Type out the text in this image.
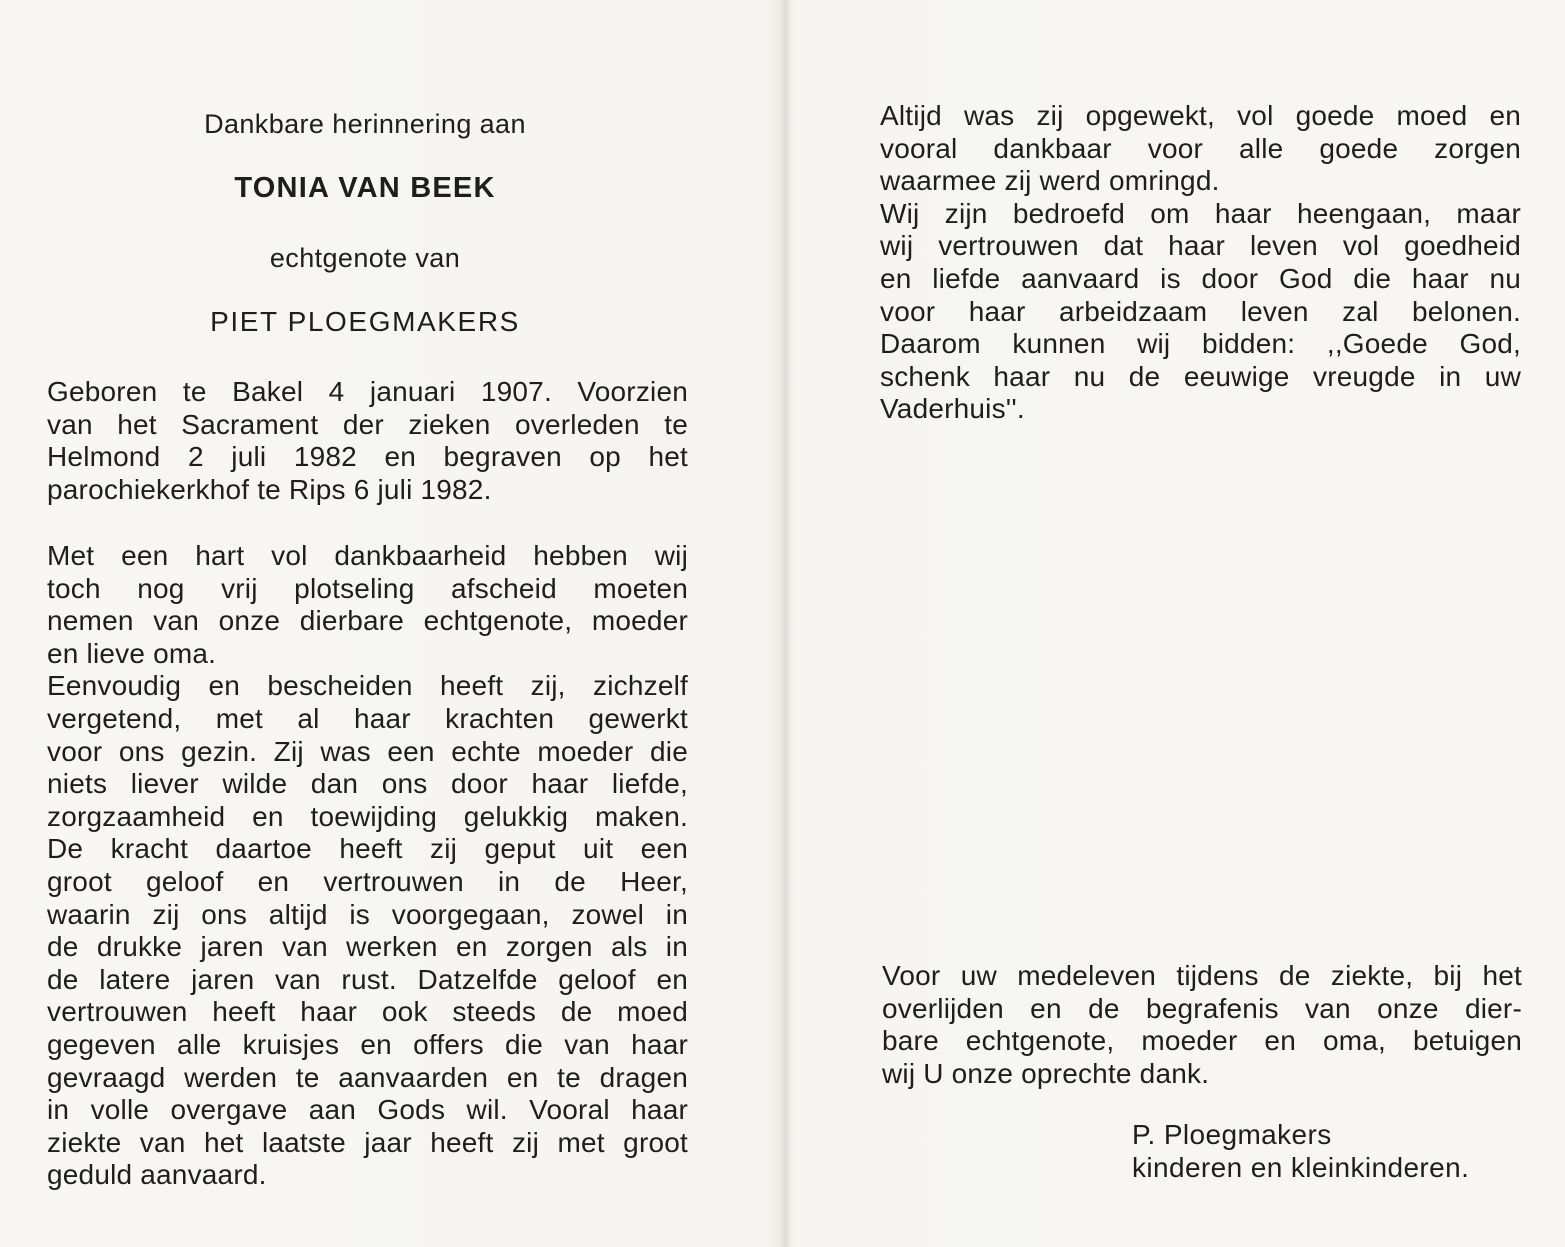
Dankbare herinnering aan
TONIA VAN BEEK
echtgenote van
PIET PLOEGMAKERS
Geboren te Bakel 4 januari 1907. Voorzien
van het Sacrament der zieken overleden te
Helmond 2 juli 1982 en begraven op het
parochiekerkhof te Rips 6 juli 1982.
Met een hart vol dankbaarheid hebben wij
toch nog vrij plotseling afscheid moeten
nemen van onze dierbare echtgenote, moeder
en lieve oma.
Eenvoudig en bescheiden heeft zij, zichzelf
vergetend, met al haar krachten gewerkt
voor ons gezin. Zij was een echte moeder die
niets liever wilde dan ons door haar liefde,
zorgzaamheid en toewijding gelukkig maken.
De kracht daartoe heeft zij geput uit een
groot geloof en vertrouwen in de Heer,
waarin zij ons altijd is voorgegaan, zowel in
de drukke jaren van werken en zorgen als in
de latere jaren van rust. Datzelfde geloof en
vertrouwen heeft haar ook steeds de moed
gegeven alle kruisjes en offers die van haar
gevraagd werden te aanvaarden en te dragen
in volle overgave aan Gods wil. Vooral haar
ziekte van het laatste jaar heeft zij met groot
geduld aanvaard.
Altijd was zij opgewekt, vol goede moed en
vooral dankbaar voor alle goede zorgen
waarmee zij werd omringd.
Wij zijn bedroefd om haar heengaan, maar
wij vertrouwen dat haar leven vol goedheid
en liefde aanvaard is door God die haar nu
voor haar arbeidzaam leven zal belonen.
Daarom kunnen wij bidden: ,,Goede God,
schenk haar nu de eeuwige vreugde in uw
Vaderhuis''.
Voor uw medeleven tijdens de ziekte, bij het
overlijden en de begrafenis van onze dier-
bare echtgenote, moeder en oma, betuigen
wij U onze oprechte dank.
P. Ploegmakers
kinderen en kleinkinderen.
